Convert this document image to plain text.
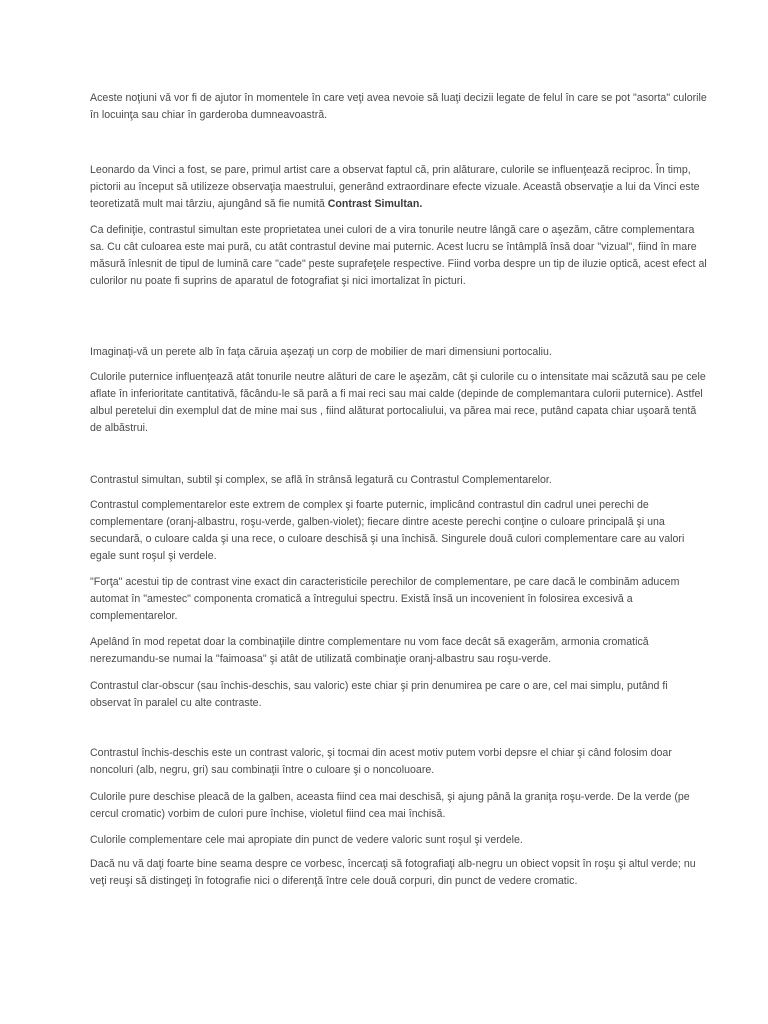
Aceste noţiuni vă vor fi de ajutor în momentele în care veţi avea nevoie să luaţi decizii legate de felul în care se pot "asorta" culorile în locuinţa sau chiar în garderoba dumneavoastră.

Leonardo da Vinci a fost, se pare, primul artist care a observat faptul că, prin alăturare, culorile se influenţează reciproc. În timp, pictorii au început să utilizeze observaţia maestrului, generând extraordinare efecte vizuale. Această observaţie a lui da Vinci este teoretizată mult mai târziu, ajungând să fie numită Contrast Simultan.

Ca definiţie, contrastul simultan este proprietatea unei culori de a vira tonurile neutre lângă care o aşezăm, către complementara sa. Cu cât culoarea este mai pură, cu atât contrastul devine mai puternic. Acest lucru se întâmplă însă doar "vizual", fiind în mare măsură înlesnit de tipul de lumină care "cade" peste suprafeţele respective. Fiind vorba despre un tip de iluzie optică, acest efect al culorilor nu poate fi suprins de aparatul de fotografiat şi nici imortalizat în picturi.

Imaginaţi-vă un perete alb în faţa căruia aşezaţi un corp de mobilier de mari dimensiuni portocaliu.

Culorile puternice influenţează atât tonurile neutre alături de care le aşezăm, cât şi culorile cu o intensitate mai scăzută sau pe cele aflate în inferioritate cantitativă, făcându-le să pară a fi mai reci sau mai calde (depinde de complemantara culorii puternice). Astfel albul peretelui din exemplul dat de mine mai sus , fiind alăturat portocaliului, va părea mai rece, putând capata chiar uşoară tentă de albăstrui.

Contrastul simultan, subtil şi complex, se află în strânsă legatură cu Contrastul Complementarelor.

Contrastul complementarelor este extrem de complex şi foarte puternic, implicând contrastul din cadrul unei perechi de complementare (oranj-albastru, roşu-verde, galben-violet); fiecare dintre aceste perechi conţine o culoare principală şi una secundară, o culoare calda şi una rece, o culoare deschisă şi una închisă. Singurele două culori complementare care au valori egale sunt roşul şi verdele.

"Forţa" acestui tip de contrast vine exact din caracteristicile perechilor de complementare, pe care dacă le combinăm aducem automat în "amestec" componenta cromatică a întregului spectru. Există însă un incovenient în folosirea excesivă a complementarelor.

Apelând în mod repetat doar la combinaţiile dintre complementare nu vom face decât să exagerăm, armonia cromatică nerezumandu-se numai la "faimoasa" şi atât de utilizată combinaţie oranj-albastru sau roşu-verde.

Contrastul clar-obscur (sau închis-deschis, sau valoric) este chiar şi prin denumirea pe care o are, cel mai simplu, putând fi observat în paralel cu alte contraste.

Contrastul închis-deschis este un contrast valoric, şi tocmai din acest motiv putem vorbi depsre el chiar şi când folosim doar noncoluri (alb, negru, gri) sau combinaţii între o culoare şi o noncoluoare.

Culorile pure deschise pleacă de la galben, aceasta fiind cea mai deschisă, şi ajung până la graniţa roşu-verde. De la verde (pe cercul cromatic) vorbim de culori pure închise, violetul fiind cea mai închisă.

Culorile complementare cele mai apropiate din punct de vedere valoric sunt roşul şi verdele.

Dacă nu vă daţi foarte bine seama despre ce vorbesc, încercaţi să fotografiaţi alb-negru un obiect vopsit în roşu şi altul verde; nu veţi reuşi să distingeţi în fotografie nici o diferenţă între cele două corpuri, din punct de vedere cromatic.
